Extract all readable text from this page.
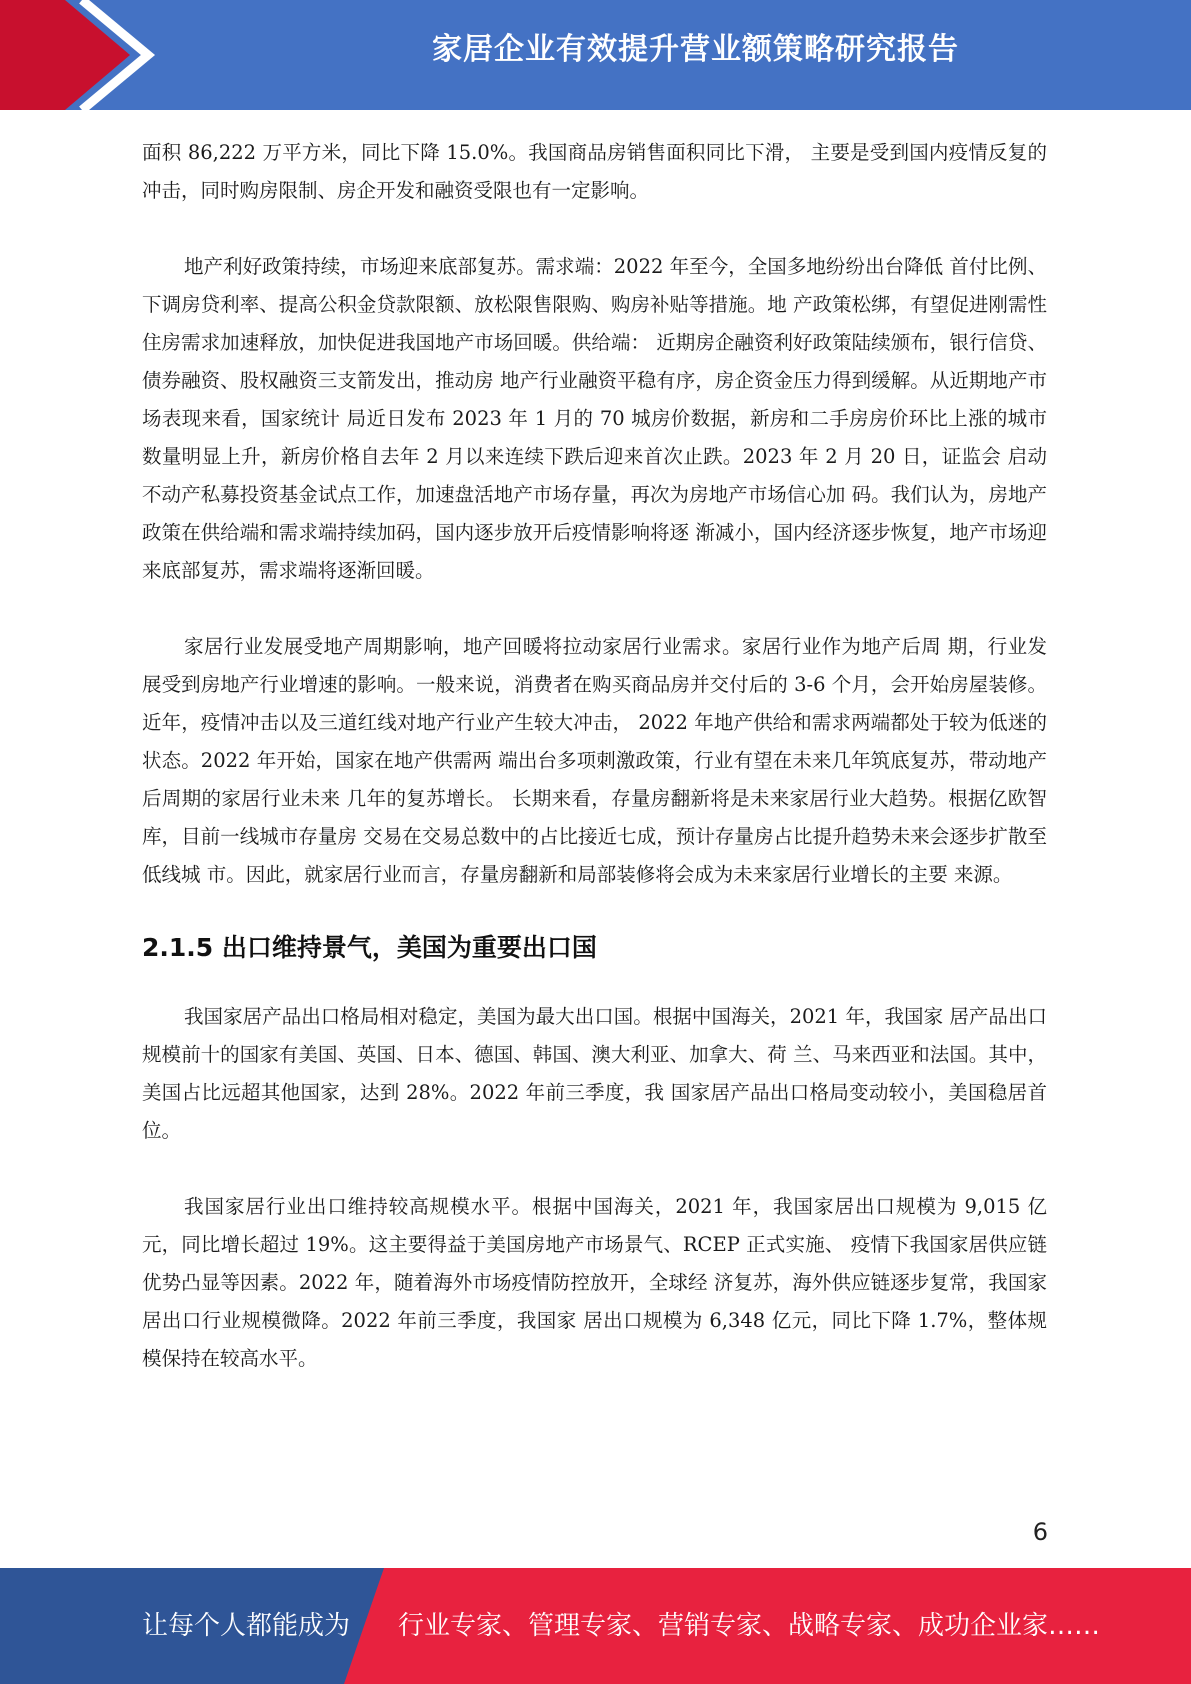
家居企业有效提升营业额策略研究报告

面积 86,222 万平方米，同比下降 15.0%。我国商品房销售面积同比下滑， 主要是受到国内疫情反复的冲击，同时购房限制、房企开发和融资受限也有一定影响。

地产利好政策持续，市场迎来底部复苏。需求端：2022 年至今，全国多地纷纷出台降低 首付比例、下调房贷利率、提高公积金贷款限额、放松限售限购、购房补贴等措施。地 产政策松绑，有望促进刚需性住房需求加速释放，加快促进我国地产市场回暖。供给端： 近期房企融资利好政策陆续颁布，银行信贷、债券融资、股权融资三支箭发出，推动房 地产行业融资平稳有序，房企资金压力得到缓解。从近期地产市场表现来看，国家统计 局近日发布 2023 年 1 月的 70 城房价数据，新房和二手房房价环比上涨的城市数量明显上升，新房价格自去年 2 月以来连续下跌后迎来首次止跌。2023 年 2 月 20 日，证监会 启动不动产私募投资基金试点工作，加速盘活地产市场存量，再次为房地产市场信心加 码。我们认为，房地产政策在供给端和需求端持续加码，国内逐步放开后疫情影响将逐 渐减小，国内经济逐步恢复，地产市场迎来底部复苏，需求端将逐渐回暖。

家居行业发展受地产周期影响，地产回暖将拉动家居行业需求。家居行业作为地产后周 期，行业发展受到房地产行业增速的影响。一般来说，消费者在购买商品房并交付后的 3-6 个月，会开始房屋装修。近年，疫情冲击以及三道红线对地产行业产生较大冲击， 2022 年地产供给和需求两端都处于较为低迷的状态。2022 年开始，国家在地产供需两 端出台多项刺激政策，行业有望在未来几年筑底复苏，带动地产后周期的家居行业未来 几年的复苏增长。 长期来看，存量房翻新将是未来家居行业大趋势。根据亿欧智库，目前一线城市存量房 交易在交易总数中的占比接近七成，预计存量房占比提升趋势未来会逐步扩散至低线城 市。因此，就家居行业而言，存量房翻新和局部装修将会成为未来家居行业增长的主要 来源。

2.1.5 出口维持景气，美国为重要出口国

我国家居产品出口格局相对稳定，美国为最大出口国。根据中国海关，2021 年，我国家 居产品出口规模前十的国家有美国、英国、日本、德国、韩国、澳大利亚、加拿大、荷 兰、马来西亚和法国。其中，美国占比远超其他国家，达到 28%。2022 年前三季度，我 国家居产品出口格局变动较小，美国稳居首位。

我国家居行业出口维持较高规模水平。根据中国海关，2021 年，我国家居出口规模为 9,015 亿元，同比增长超过 19%。这主要得益于美国房地产市场景气、RCEP 正式实施、 疫情下我国家居供应链优势凸显等因素。2022 年，随着海外市场疫情防控放开，全球经 济复苏，海外供应链逐步复常，我国家居出口行业规模微降。2022 年前三季度，我国家 居出口规模为 6,348 亿元，同比下降 1.7%，整体规模保持在较高水平。

6
让每个人都能成为 行业专家、管理专家、营销专家、战略专家、成功企业家……
